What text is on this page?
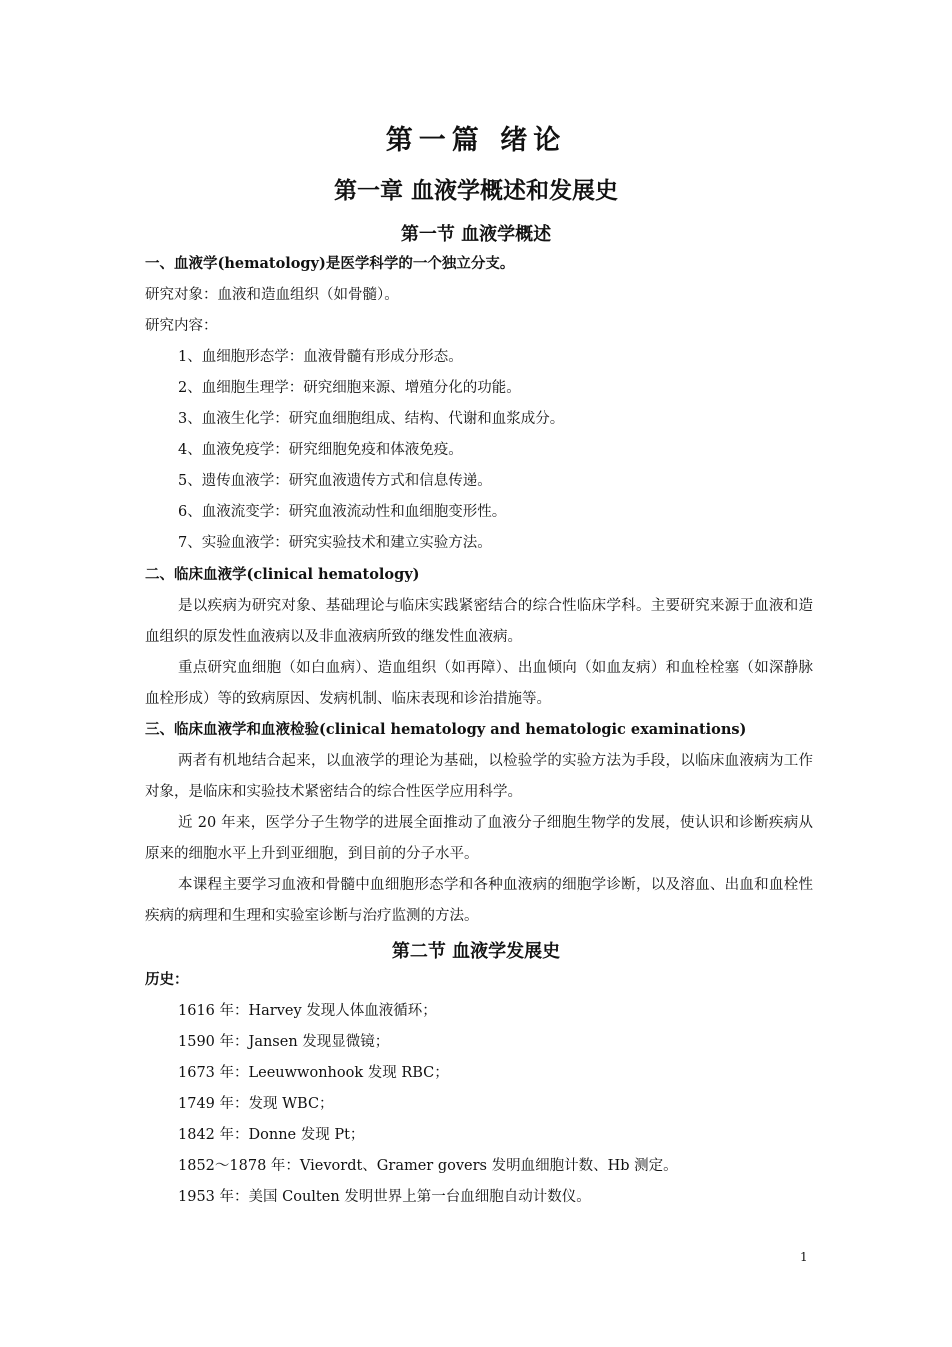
第一篇 绪论
第一章 血液学概述和发展史
第一节 血液学概述
一、血液学(hematology)是医学科学的一个独立分支。
研究对象：血液和造血组织（如骨髓）。
研究内容：
1、血细胞形态学：血液骨髓有形成分形态。
2、血细胞生理学：研究细胞来源、增殖分化的功能。
3、血液生化学：研究血细胞组成、结构、代谢和血浆成分。
4、血液免疫学：研究细胞免疫和体液免疫。
5、遗传血液学：研究血液遗传方式和信息传递。
6、血液流变学：研究血液流动性和血细胞变形性。
7、实验血液学：研究实验技术和建立实验方法。
二、临床血液学(clinical hematology)
是以疾病为研究对象、基础理论与临床实践紧密结合的综合性临床学科。主要研究来源于血液和造血组织的原发性血液病以及非血液病所致的继发性血液病。
重点研究血细胞（如白血病）、造血组织（如再障）、出血倾向（如血友病）和血栓栓塞（如深静脉血栓形成）等的致病原因、发病机制、临床表现和诊治措施等。
三、临床血液学和血液检验(clinical hematology and hematologic examinations)
两者有机地结合起来，以血液学的理论为基础，以检验学的实验方法为手段，以临床血液病为工作对象，是临床和实验技术紧密结合的综合性医学应用科学。
近 20 年来，医学分子生物学的进展全面推动了血液分子细胞生物学的发展，使认识和诊断疾病从原来的细胞水平上升到亚细胞，到目前的分子水平。
本课程主要学习血液和骨髓中血细胞形态学和各种血液病的细胞学诊断，以及溶血、出血和血栓性疾病的病理和生理和实验室诊断与治疗监测的方法。
第二节 血液学发展史
历史：
1616 年：Harvey 发现人体血液循环；
1590 年：Jansen 发现显微镜；
1673 年：Leeuwwonhook 发现 RBC；
1749 年：发现 WBC；
1842 年：Donne 发现 Pt；
1852～1878 年：Vievordt、Gramer govers 发明血细胞计数、Hb 测定。
1953 年：美国 Coulten 发明世界上第一台血细胞自动计数仪。
1
